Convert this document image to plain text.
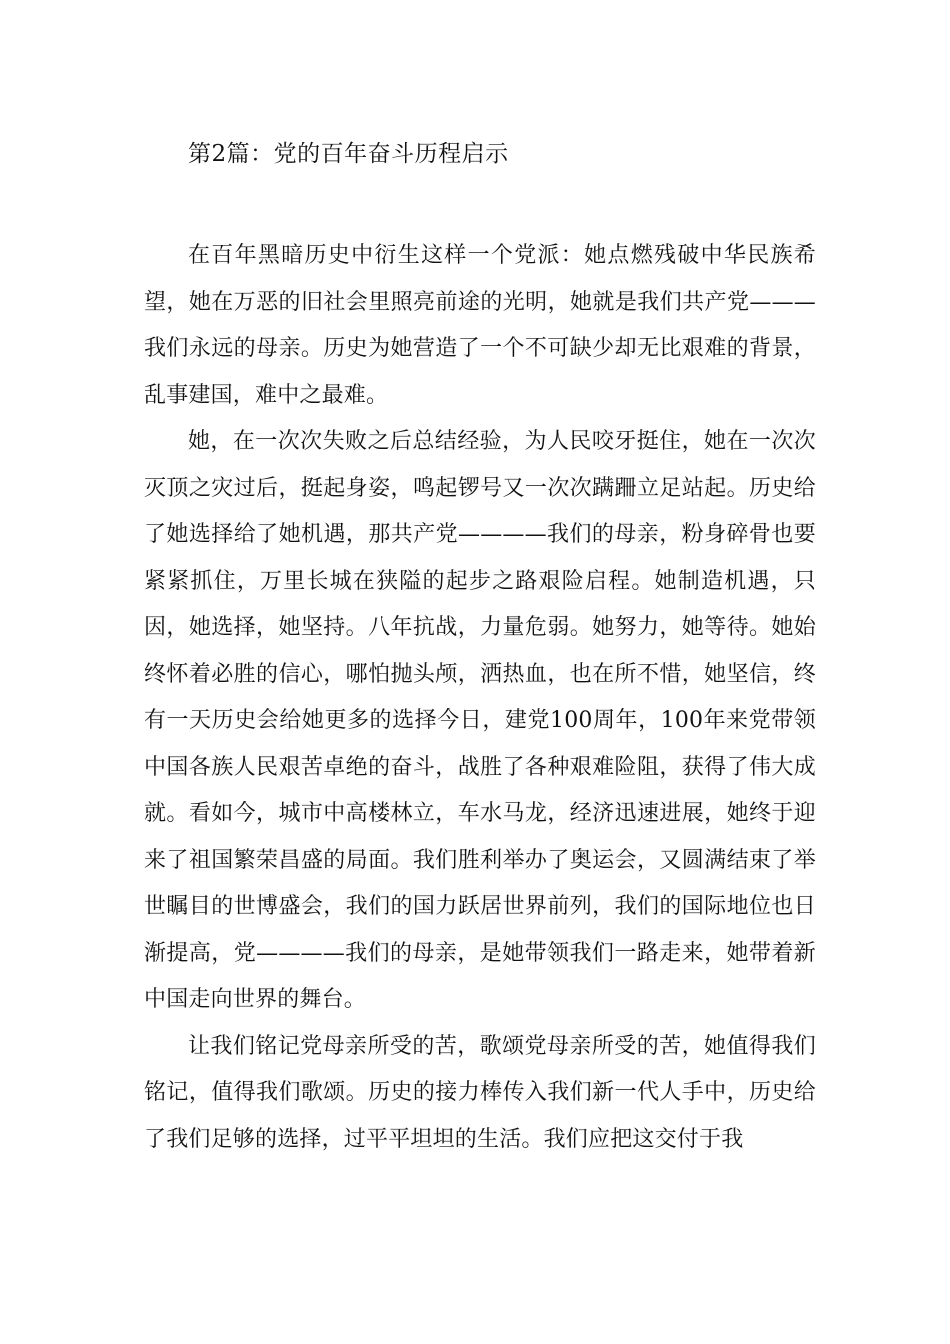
第2篇：党的百年奋斗历程启示

在百年黑暗历史中衍生这样一个党派：她点燃残破中华民族希望，她在万恶的旧社会里照亮前途的光明，她就是我们共产党———我们永远的母亲。历史为她营造了一个不可缺少却无比艰难的背景，乱事建国，难中之最难。

她，在一次次失败之后总结经验，为人民咬牙挺住，她在一次次灭顶之灾过后，挺起身姿，鸣起锣号又一次次蹒跚立足站起。历史给了她选择给了她机遇，那共产党————我们的母亲，粉身碎骨也要紧紧抓住，万里长城在狭隘的起步之路艰险启程。她制造机遇，只因，她选择，她坚持。八年抗战，力量危弱。她努力，她等待。她始终怀着必胜的信心，哪怕抛头颅，洒热血，也在所不惜，她坚信，终有一天历史会给她更多的选择今日，建党100周年，100年来党带领中国各族人民艰苦卓绝的奋斗，战胜了各种艰难险阻，获得了伟大成就。看如今，城市中高楼林立，车水马龙，经济迅速进展，她终于迎来了祖国繁荣昌盛的局面。我们胜利举办了奥运会，又圆满结束了举世瞩目的世博盛会，我们的国力跃居世界前列，我们的国际地位也日渐提高，党————我们的母亲，是她带领我们一路走来，她带着新中国走向世界的舞台。

让我们铭记党母亲所受的苦，歌颂党母亲所受的苦，她值得我们铭记，值得我们歌颂。历史的接力棒传入我们新一代人手中，历史给了我们足够的选择，过平平坦坦的生活。我们应把这交付于我
